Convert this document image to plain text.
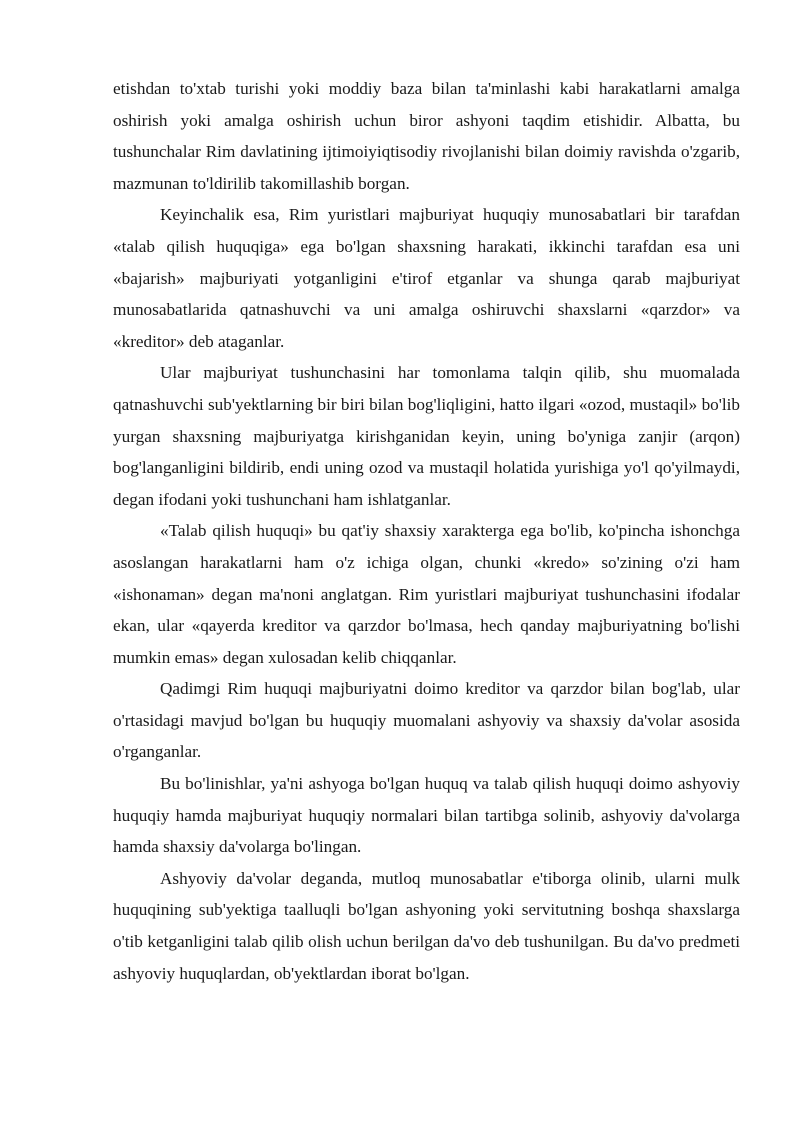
etishdan to'xtab turishi yoki moddiy baza bilan ta'minlashi kabi harakatlarni amalga oshirish yoki amalga oshirish uchun biror ashyoni taqdim etishidir. Albatta, bu tushunchalar Rim davlatining ijtimoiyiqtisodiy rivojlanishi bilan doimiy ravishda o'zgarib, mazmunan to'ldirilib takomillashib borgan.

Keyinchalik esa, Rim yuristlari majburiyat huquqiy munosabatlari bir tarafdan «talab qilish huquqiga» ega bo'lgan shaxsning harakati, ikkinchi tarafdan esa uni «bajarish» majburiyati yotganligini e'tirof etganlar va shunga qarab majburiyat munosabatlarida qatnashuvchi va uni amalga oshiruvchi shaxslarni «qarzdor» va «kreditor» deb ataganlar.

Ular majburiyat tushunchasini har tomonlama talqin qilib, shu muomalada qatnashuvchi sub'yektlarning bir biri bilan bog'liqligini, hatto ilgari «ozod, mustaqil» bo'lib yurgan shaxsning majburiyatga kirishganidan keyin, uning bo'yniga zanjir (arqon) bog'langanligini bildirib, endi uning ozod va mustaqil holatida yurishiga yo'l qo'yilmaydi, degan ifodani yoki tushunchani ham ishlatganlar.

«Talab qilish huquqi» bu qat'iy shaxsiy xarakterga ega bo'lib, ko'pincha ishonchga asoslangan harakatlarni ham o'z ichiga olgan, chunki «kredo» so'zining o'zi ham «ishonaman» degan ma'noni anglatgan. Rim yuristlari majburiyat tushunchasini ifodalar ekan, ular «qayerda kreditor va qarzdor bo'lmasa, hech qanday majburiyatning bo'lishi mumkin emas» degan xulosadan kelib chiqqanlar.

Qadimgi Rim huquqi majburiyatni doimo kreditor va qarzdor bilan bog'lab, ular o'rtasidagi mavjud bo'lgan bu huquqiy muomalani ashyoviy va shaxsiy da'volar asosida o'rganganlar.

Bu bo'linishlar, ya'ni ashyoga bo'lgan huquq va talab qilish huquqi doimo ashyoviy huquqiy hamda majburiyat huquqiy normalari bilan tartibga solinib, ashyoviy da'volarga hamda shaxsiy da'volarga bo'lingan.

Ashyoviy da'volar deganda, mutloq munosabatlar e'tiborga olinib, ularni mulk huquqining sub'yektiga taalluqli bo'lgan ashyoning yoki servitutning boshqa shaxslarga o'tib ketganligini talab qilib olish uchun berilgan da'vo deb tushunilgan. Bu da'vo predmeti ashyoviy huquqlardan, ob'yektlardan iborat bo'lgan.
